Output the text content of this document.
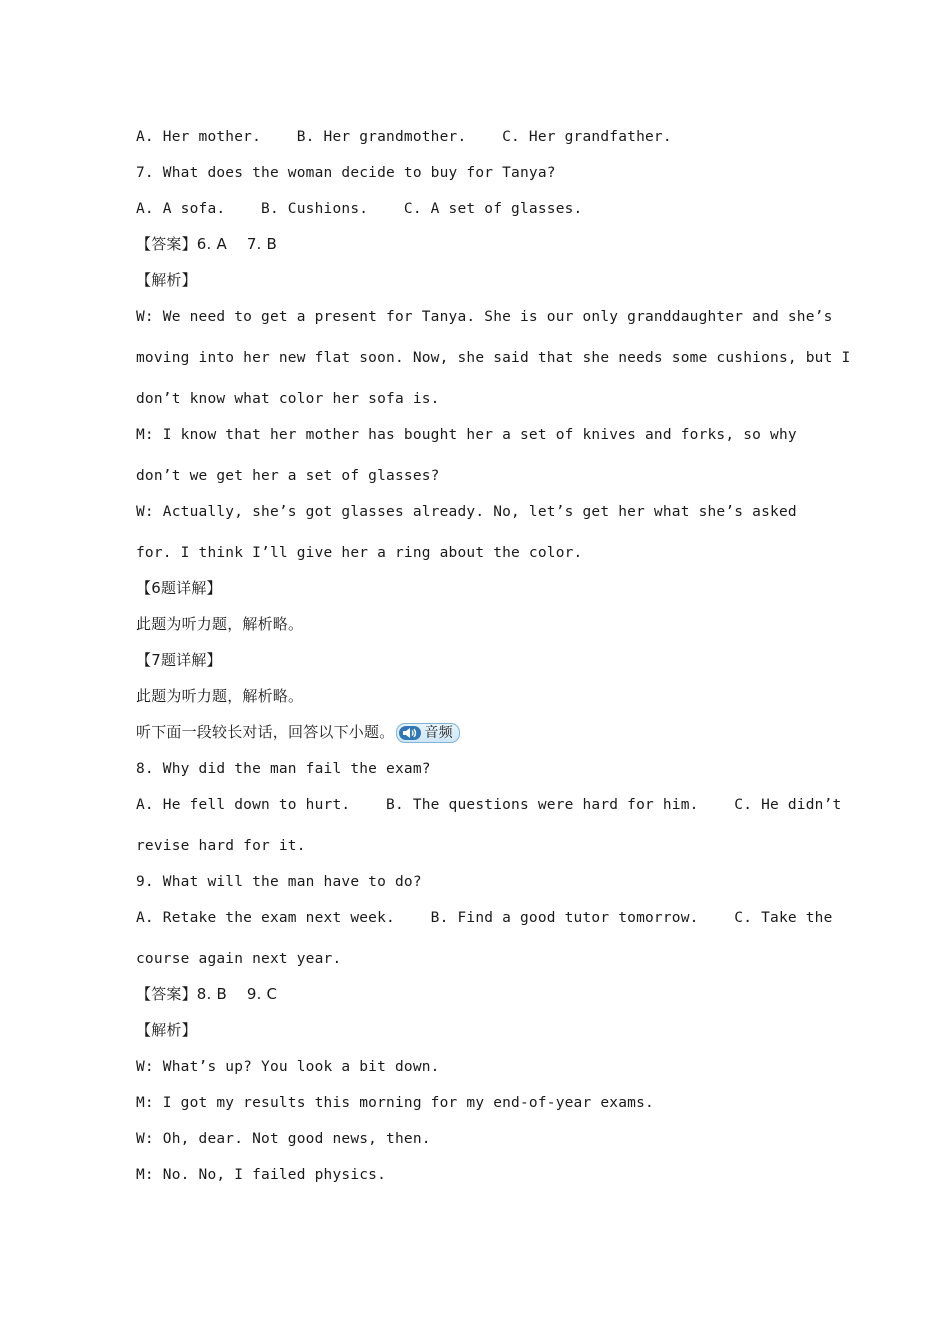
A. Her mother.    B. Her grandmother.    C. Her grandfather.
7. What does the woman decide to buy for Tanya?
A. A sofa.    B. Cushions.    C. A set of glasses.
【答案】6. A    7. B
【解析】
W: We need to get a present for Tanya. She is our only granddaughter and she’s
moving into her new flat soon. Now, she said that she needs some cushions, but I
don’t know what color her sofa is.
M: I know that her mother has bought her a set of knives and forks, so why
don’t we get her a set of glasses?
W: Actually, she’s got glasses already. No, let’s get her what she’s asked
for. I think I’ll give her a ring about the color.
【6题详解】
此题为听力题，解析略。
【7题详解】
此题为听力题，解析略。
听下面一段较长对话，回答以下小题。 音频
8. Why did the man fail the exam?
A. He fell down to hurt.    B. The questions were hard for him.    C. He didn’t
revise hard for it.
9. What will the man have to do?
A. Retake the exam next week.    B. Find a good tutor tomorrow.    C. Take the
course again next year.
【答案】8. B    9. C
【解析】
W: What’s up? You look a bit down.
M: I got my results this morning for my end-of-year exams.
W: Oh, dear. Not good news, then.
M: No. No, I failed physics.
